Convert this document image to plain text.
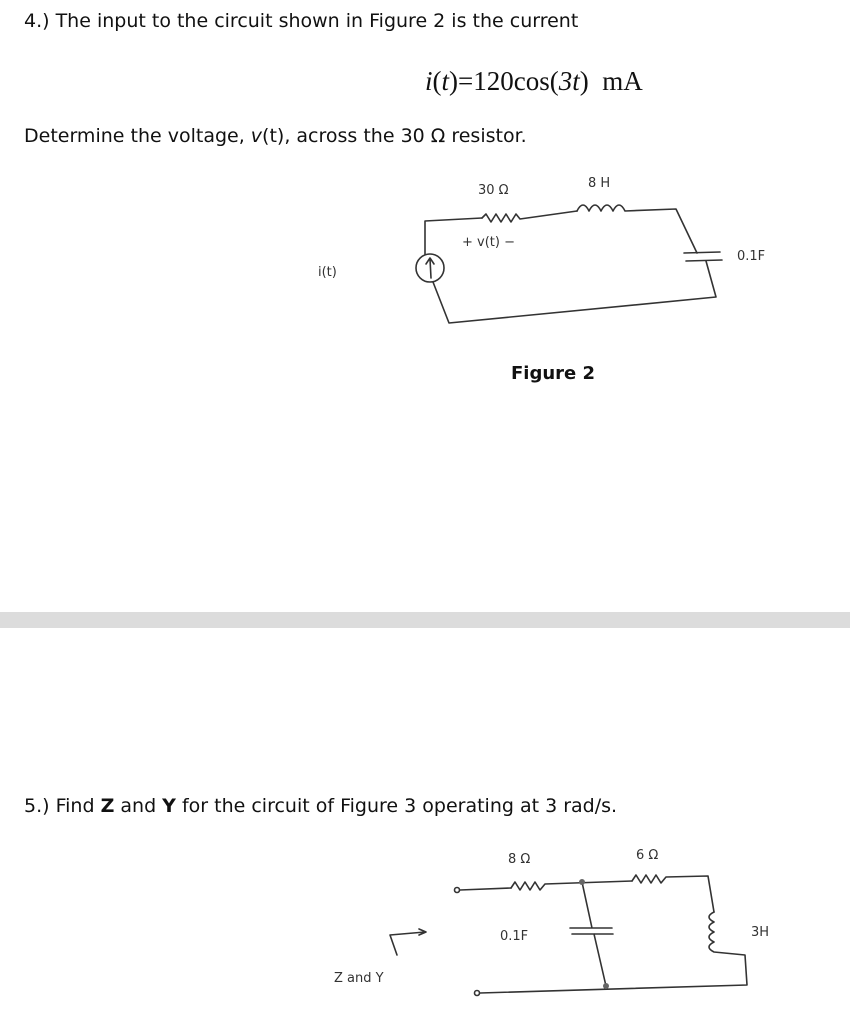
4.) The input to the circuit shown in Figure 2 is the current
i(t)=120cos(3t)  mA
Determine the voltage, v(t), across the 30 Ω resistor.
30 Ω	8 H
+ v(t) −
i(t)
0.1F
8 Ω	6 Ω
0.1F	3H
Z and Y
Figure 2
5.) Find Z and Y for the circuit of Figure 3 operating at 3 rad/s.
